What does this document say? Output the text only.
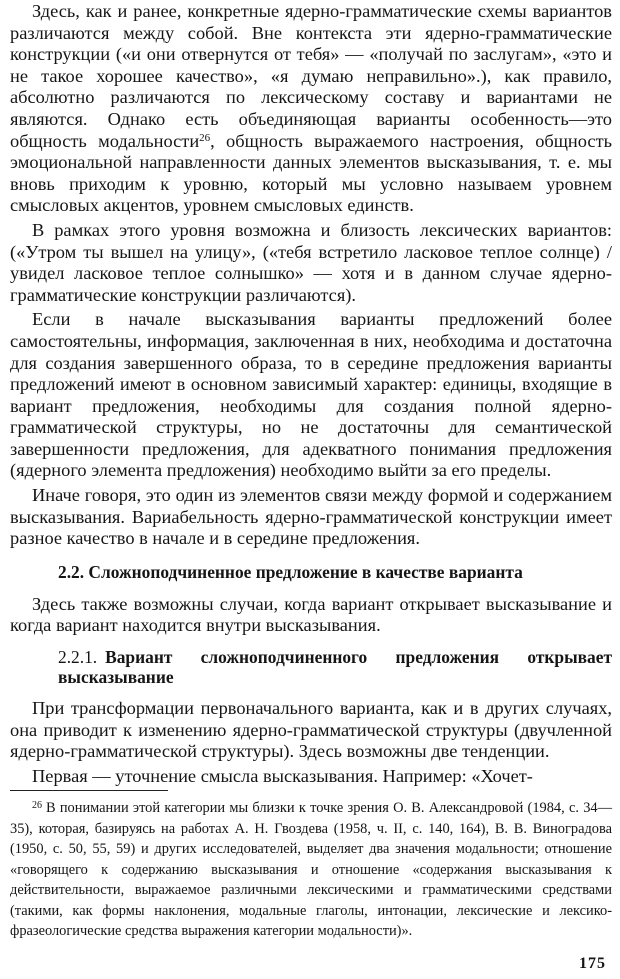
Здесь, как и ранее, конкретные ядерно-грамматические схемы вариантов различаются между собой. Вне контекста эти ядерно-грамматические конструкции («и они отвернутся от тебя» — «получай по заслугам», «это и не такое хорошее качество», «я думаю неправильно».), как правило, абсолютно различаются по лексическому составу и вариантами не являются. Однако есть объединяющая варианты особенность—это общность модальности$^{26}$, общность выражаемого настроения, общность эмоциональной направленности данных элементов высказывания, т. е. мы вновь приходим к уровню, который мы условно называем уровнем смысловых акцентов, уровнем смысловых единств.

В рамках этого уровня возможна и близость лексических вариантов: («Утром ты вышел на улицу», («тебя встретило ласковое теплое солнце) / увидел ласковое теплое солнышко» — хотя и в данном случае ядерно-грамматические конструкции различаются).

Если в начале высказывания варианты предложений более самостоятельны, информация, заключенная в них, необходима и достаточна для создания завершенного образа, то в середине предложения варианты предложений имеют в основном зависимый характер: единицы, входящие в вариант предложения, необходимы для создания полной ядерно-грамматической структуры, но не достаточны для семантической завершенности предложения, для адекватного понимания предложения (ядерного элемента предложения) необходимо выйти за его пределы.

Иначе говоря, это один из элементов связи между формой и содержанием высказывания. Вариабельность ядерно-грамматической конструкции имеет разное качество в начале и в середине предложения.

2.2. Сложноподчиненное предложение в качестве варианта

Здесь также возможны случаи, когда вариант открывает высказывание и когда вариант находится внутри высказывания.

2.2.1. Вариант сложноподчиненного предложения открывает
высказывание

При трансформации первоначального варианта, как и в других случаях, она приводит к изменению ядерно-грамматической структуры (двучленной ядерно-грамматической структуры). Здесь возможны две тенденции.

Первая — уточнение смысла высказывания. Например: «Хочет-

$^{26}$ В понимании этой категории мы близки к точке зрения О. В. Александровой (1984, с. 34—35), которая, базируясь на работах А. Н. Гвоздева (1958, ч. II, с. 140, 164), В. В. Виноградова (1950, с. 50, 55, 59) и других исследователей, выделяет два значения модальности; отношение «говорящего к содержанию высказывания и отношение «содержания высказывания к действительности, выражаемое различными лексическими и грамматическими средствами (такими, как формы наклонения, модальные глаголы, интонации, лексические и лексико-фразеологические средства выражения категории модальности)».

175
